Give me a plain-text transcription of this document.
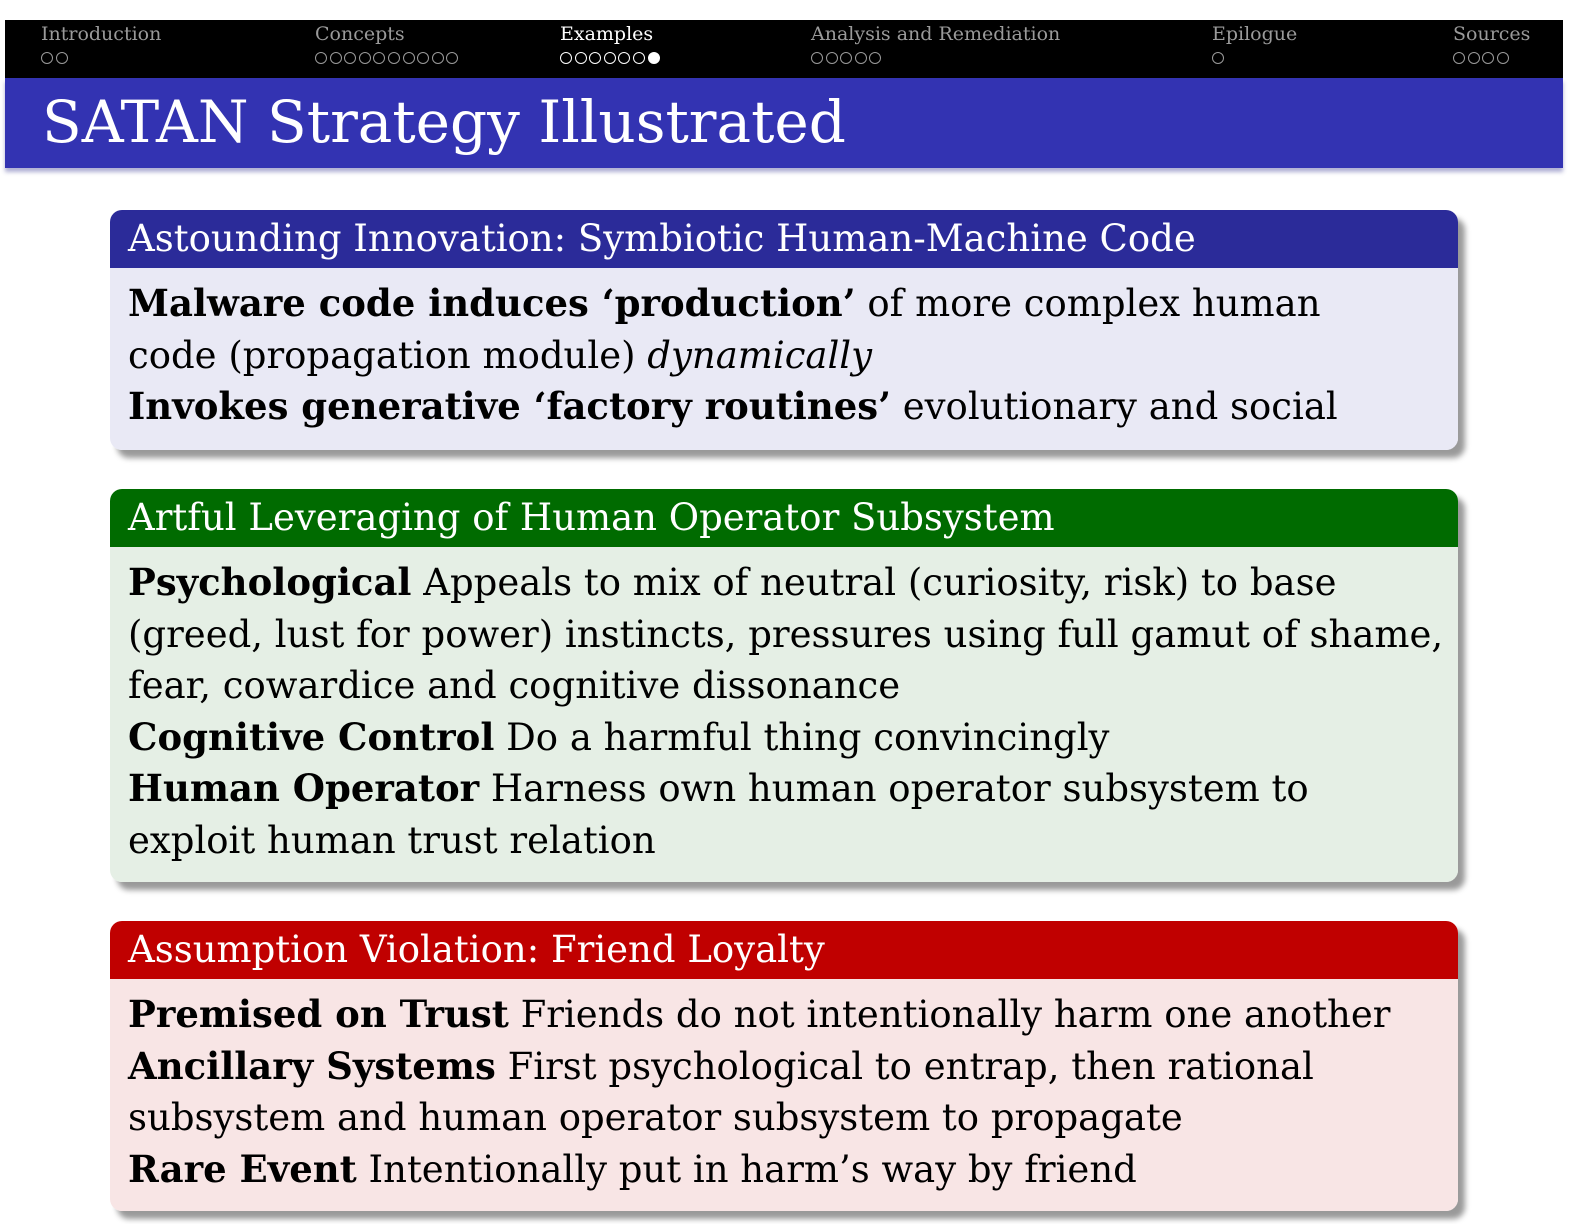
Introduction	Concepts	Examples	Analysis and Remediation	Epilogue	Sources
SATAN Strategy Illustrated
Astounding Innovation: Symbiotic Human-Machine Code
Malware code induces ‘production’ of more complex human
code (propagation module) dynamically
Invokes generative ‘factory routines’ evolutionary and social
Artful Leveraging of Human Operator Subsystem
Psychological Appeals to mix of neutral (curiosity, risk) to base
(greed, lust for power) instincts, pressures using full gamut of shame,
fear, cowardice and cognitive dissonance
Cognitive Control Do a harmful thing convincingly
Human Operator Harness own human operator subsystem to
exploit human trust relation
Assumption Violation: Friend Loyalty
Premised on Trust Friends do not intentionally harm one another
Ancillary Systems First psychological to entrap, then rational
subsystem and human operator subsystem to propagate
Rare Event Intentionally put in harm’s way by friend
